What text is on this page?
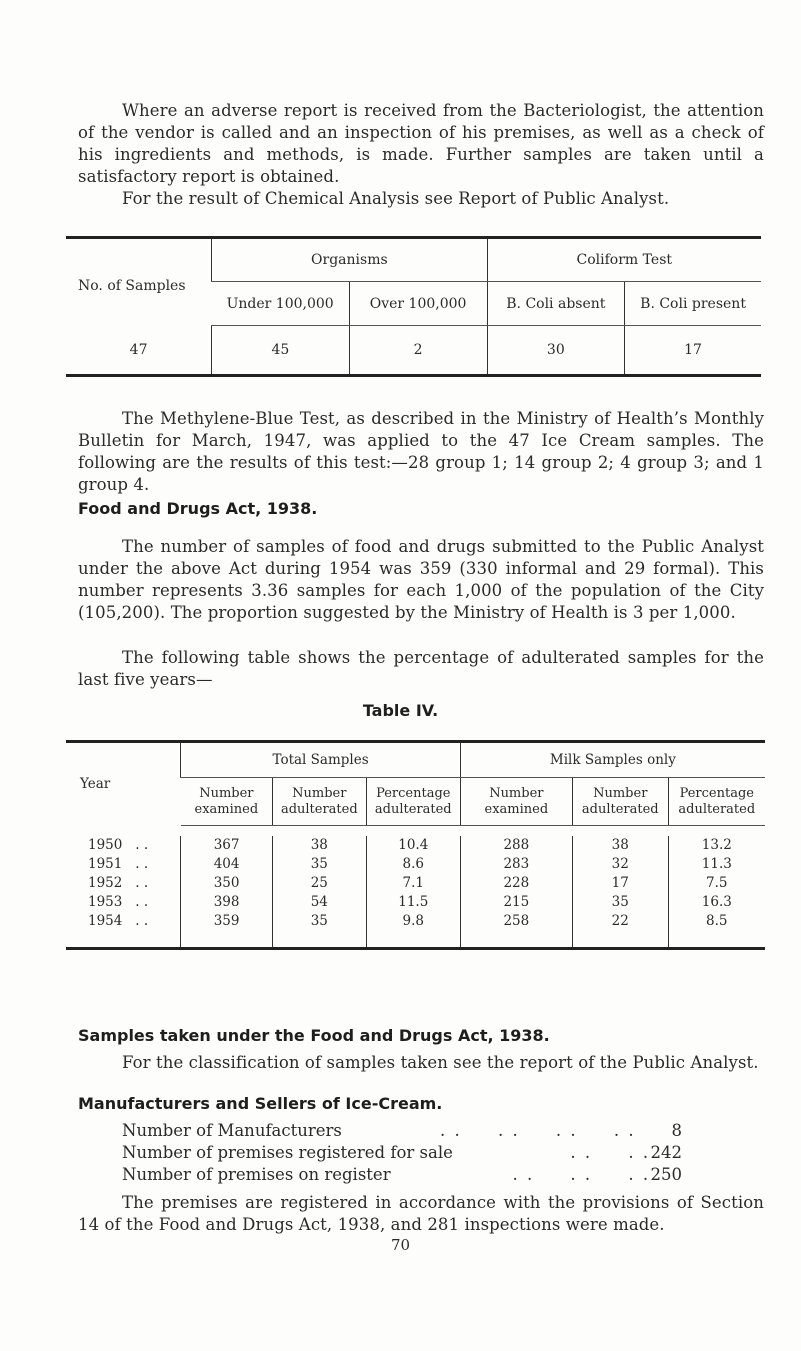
Where an adverse report is received from the Bacteriologist, the attention of the vendor is called and an inspection of his premises, as well as a check of his ingredients and methods, is made. Further samples are taken until a satisfactory report is obtained.

For the result of Chemical Analysis see Report of Public Analyst.

No. of Samples	Organisms		Coliform Test	
	Under 100,000	Over 100,000	B. Coli absent	B. Coli present
47	45	2	30	17

The Methylene-Blue Test, as described in the Ministry of Health’s Monthly Bulletin for March, 1947, was applied to the 47 Ice Cream samples. The following are the results of this test:—28 group 1; 14 group 2; 4 group 3; and 1 group 4.

Food and Drugs Act, 1938.

The number of samples of food and drugs submitted to the Public Analyst under the above Act during 1954 was 359 (330 informal and 29 formal). This number represents 3.36 samples for each 1,000 of the population of the City (105,200). The proportion suggested by the Ministry of Health is 3 per 1,000.

The following table shows the percentage of adulterated samples for the last five years—

Table IV.

Year	Total Samples			Milk Samples only		
	Number
examined	Number
adulterated	Percentage
adulterated	Number
examined	Number
adulterated	Percentage
adulterated

1950 . .	367	38	10.4	288	38	13.2
1951 . .	404	35	8.6	283	32	11.3
1952 . .	350	25	7.1	228	17	7.5
1953 . .	398	54	11.5	215	35	16.3
1954 . .	359	35	9.8	258	22	8.5

Samples taken under the Food and Drugs Act, 1938.

For the classification of samples taken see the report of the Public Analyst.

Manufacturers and Sellers of Ice-Cream.

Number of Manufacturers	. .     . .     . .     . . 8
Number of premises registered for sale
. .     . . 242
Number of premises on register	. .     . .     . . 250

The premises are registered in accordance with the provisions of Section 14 of the Food and Drugs Act, 1938, and 281 inspections were made.

70
